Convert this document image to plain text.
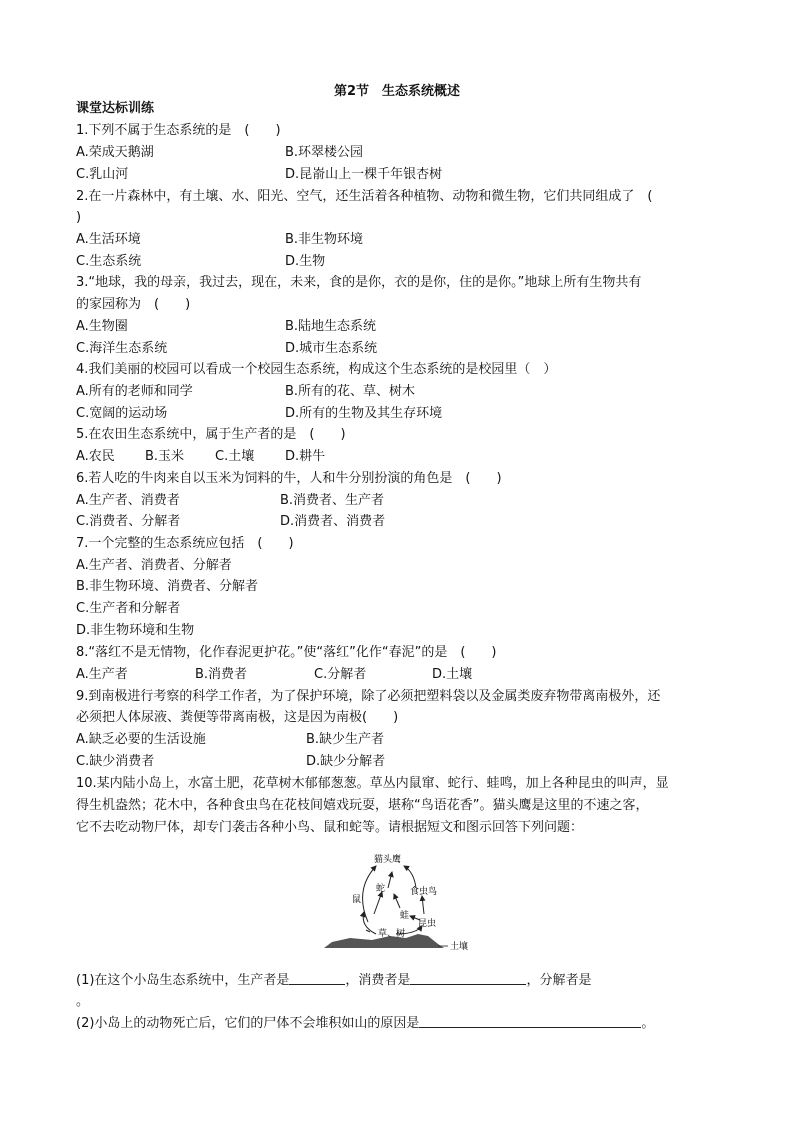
第2节　生态系统概述
课堂达标训练
1.下列不属于生态系统的是　(　　)
A.荣成天鹅湖	B.环翠楼公园
C.乳山河	D.昆嵛山上一棵千年银杏树
2.在一片森林中，有土壤、水、阳光、空气，还生活着各种植物、动物和微生物，它们共同组成了　(
)
A.生活环境	B.非生物环境
C.生态系统	D.生物
3.“地球，我的母亲，我过去，现在，未来，食的是你，衣的是你，住的是你。”地球上所有生物共有
的家园称为　(　　)
A.生物圈	B.陆地生态系统
C.海洋生态系统	D.城市生态系统
4.我们美丽的校园可以看成一个校园生态系统，构成这个生态系统的是校园里（　）
A.所有的老师和同学	B.所有的花、草、树木
C.宽阔的运动场	D.所有的生物及其生存环境
5.在农田生态系统中，属于生产者的是　(　　)
A.农民 B.玉米 C.土壤 D.耕牛
6.若人吃的牛肉来自以玉米为饲料的牛，人和牛分别扮演的角色是　(　　)
A.生产者、消费者	B.消费者、生产者
C.消费者、分解者	D.消费者、消费者
7.一个完整的生态系统应包括　(　　)
A.生产者、消费者、分解者
B.非生物环境、消费者、分解者
C.生产者和分解者
D.非生物环境和生物
8.“落红不是无情物，化作春泥更护花。”使“落红”化作“春泥”的是　(　　)
A.生产者	B.消费者	C.分解者	D.土壤
9.到南极进行考察的科学工作者，为了保护环境，除了必须把塑料袋以及金属类废弃物带离南极外，还
必须把人体尿液、粪便等带离南极，这是因为南极(　　)
A.缺乏必要的生活设施	B.缺少生产者
C.缺少消费者	D.缺少分解者
10.某内陆小岛上，水富土肥，花草树木郁郁葱葱。草丛内鼠窜、蛇行、蛙鸣，加上各种昆虫的叫声，显
得生机盎然；花木中，各种食虫鸟在花枝间嬉戏玩耍，堪称“鸟语花香”。猫头鹰是这里的不速之客，
它不去吃动物尸体，却专门袭击各种小鸟、鼠和蛇等。请根据短文和图示回答下列问题：
猫头鹰
蛇	食虫鸟
鼠
蛙
昆虫
草、树
土壤
(1)在这个小岛生态系统中，生产者是	，消费者是	，分解者是
。
(2)小岛上的动物死亡后，它们的尸体不会堆积如山的原因是	。
